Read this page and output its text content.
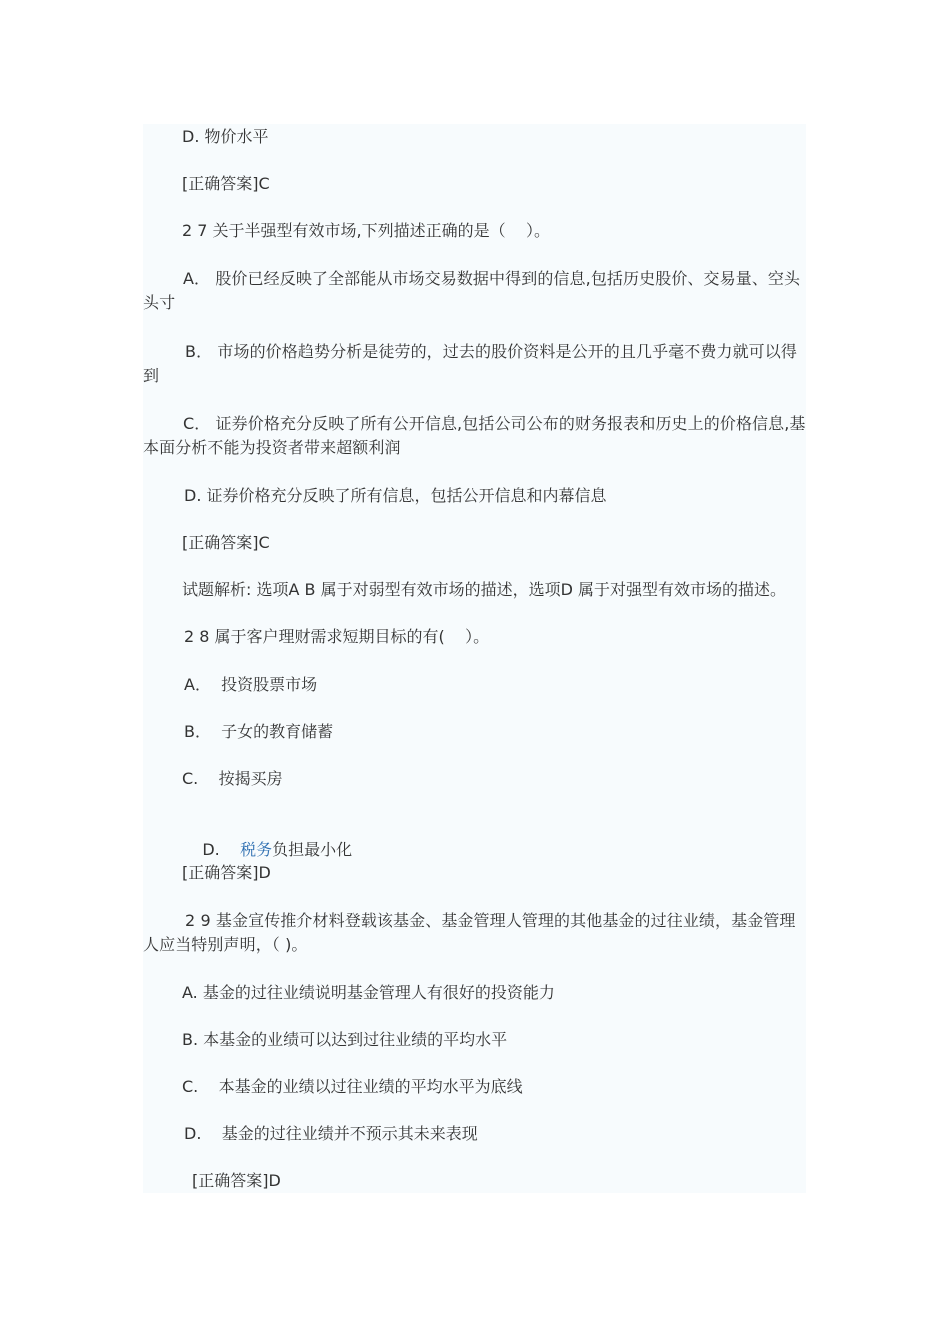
D. 物价水平
[正确答案]C
2 7 关于半强型有效市场,下列描述正确的是（    ）。
A． 股价已经反映了全部能从市场交易数据中得到的信息,包括历史股价、交易量、空头头寸
B． 市场的价格趋势分析是徒劳的，过去的股价资料是公开的且几乎毫不费力就可以得到
C． 证券价格充分反映了所有公开信息,包括公司公布的财务报表和历史上的价格信息,基本面分析不能为投资者带来超额利润
D. 证券价格充分反映了所有信息，包括公开信息和内幕信息
[正确答案]C
试题解析: 选项A B 属于对弱型有效市场的描述，选项D 属于对强型有效市场的描述。
2 8 属于客户理财需求短期目标的有(    ）。
A．  投资股票市场
B．  子女的教育储蓄
C.    按揭买房

D.    税务负担最小化

[正确答案]D
2 9 基金宣传推介材料登载该基金、基金管理人管理的其他基金的过往业绩，基金管理人应当特别声明，（ )。
A. 基金的过往业绩说明基金管理人有很好的投资能力
B. 本基金的业绩可以达到过往业绩的平均水平
C.    本基金的业绩以过往业绩的平均水平为底线
D.    基金的过往业绩并不预示其未来表现
[正确答案]D
